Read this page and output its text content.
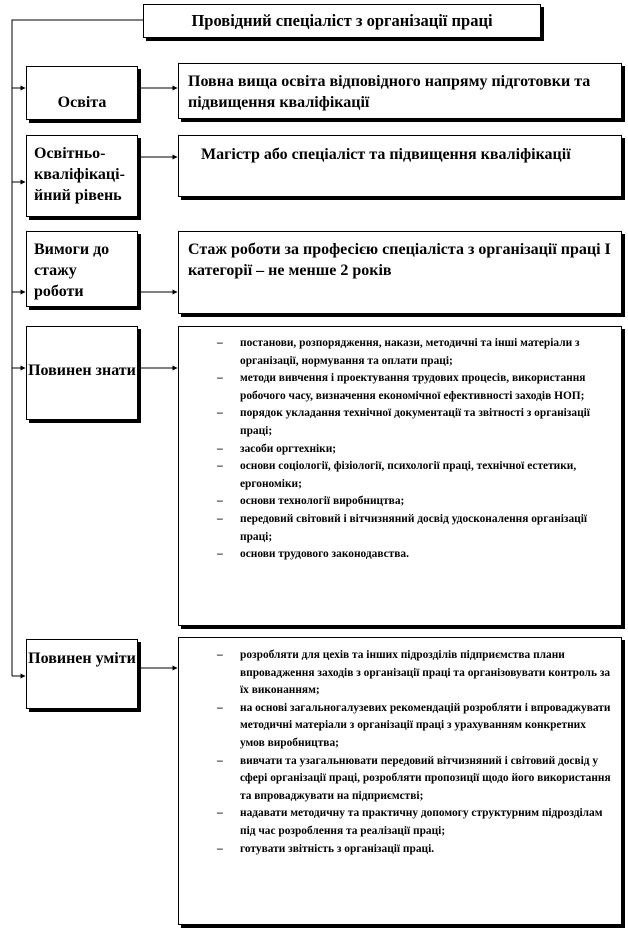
Провідний спеціаліст з організації праці
Освіта
Повна вища освіта відповідного напряму підготовки та підвищення кваліфікації
Освітньо-кваліфікаці-йний рівень
Магістр або спеціаліст та підвищення кваліфікації
Вимоги до стажу роботи
Стаж роботи за професією спеціаліста з організації праці І категорії – не менше 2 років
Повинен знати
– постанови, розпорядження, накази, методичні та інші матеріали з організації, нормування та оплати праці;
– методи вивчення і проектування трудових процесів, використання робочого часу, визначення економічної ефективності заходів НОП;
– порядок укладання технічної документації та звітності з організації праці;
– засоби оргтехніки;
– основи соціології, фізіології, психології праці, технічної естетики, ергономіки;
– основи технології виробництва;
– передовий світовий і вітчизняний досвід удосконалення організації праці;
– основи трудового законодавства.
Повинен уміти
–	розробляти для цехів та інших підрозділів підприємства плани впровадження заходів з організації праці та організовувати контроль за їх виконанням;
– на основі загальногалузевих рекомендацій розробляти і впроваджувати методичні матеріали з організації праці з урахуванням конкретних умов виробництва;
– вивчати та узагальнювати передовий вітчизняний і світовий досвід у сфері організації праці, розробляти пропозиції щодо його використання та впроваджувати на підприємстві;
– надавати методичну та практичну допомогу структурним підрозділам під час розроблення та реалізації праці;
– готувати звітність з організації праці.
